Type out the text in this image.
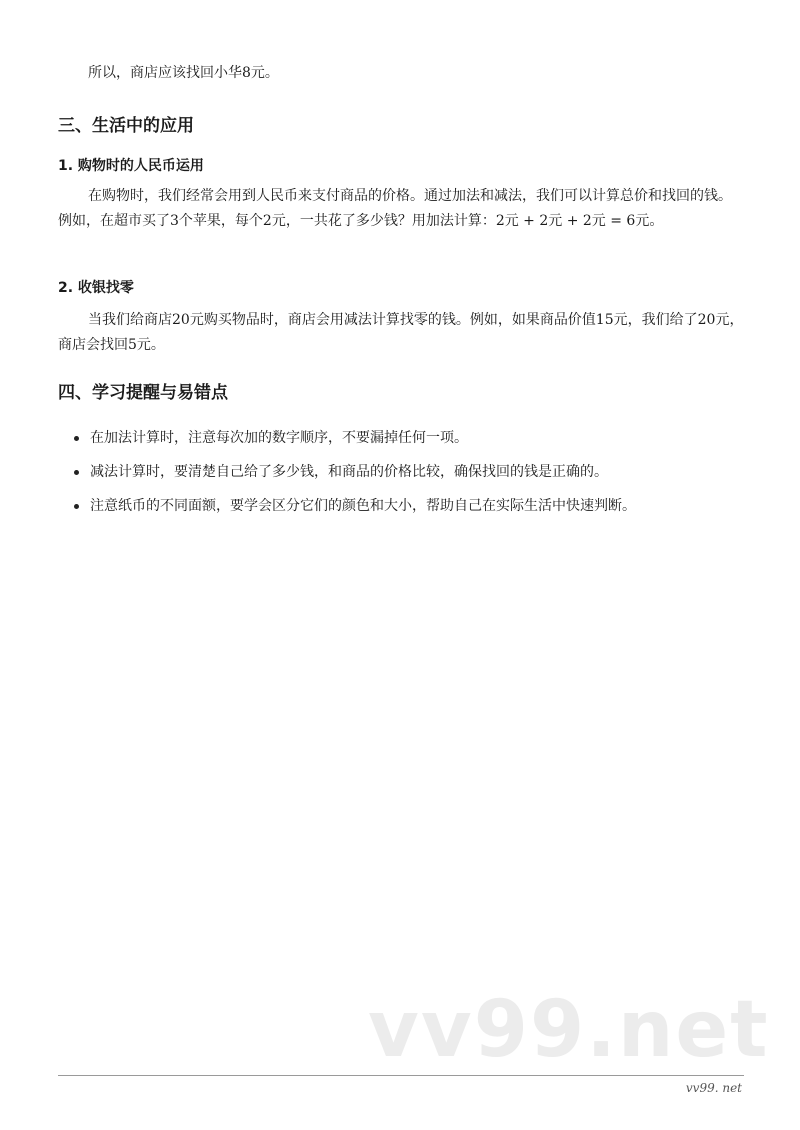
所以，商店应该找回小华8元。

三、生活中的应用
1. 购物时的人民币运用

在购物时，我们经常会用到人民币来支付商品的价格。通过加法和减法，我们可以计算总价和找回的钱。例如，在超市买了3个苹果，每个2元，一共花了多少钱？用加法计算：2元 + 2元 + 2元 = 6元。

2. 收银找零

当我们给商店20元购买物品时，商店会用减法计算找零的钱。例如，如果商品价值15元，我们给了20元，商店会找回5元。

四、学习提醒与易错点
在加法计算时，注意每次加的数字顺序，不要漏掉任何一项。
减法计算时，要清楚自己给了多少钱，和商品的价格比较，确保找回的钱是正确的。
注意纸币的不同面额，要学会区分它们的颜色和大小，帮助自己在实际生活中快速判断。
vv99.net
vv99. net
